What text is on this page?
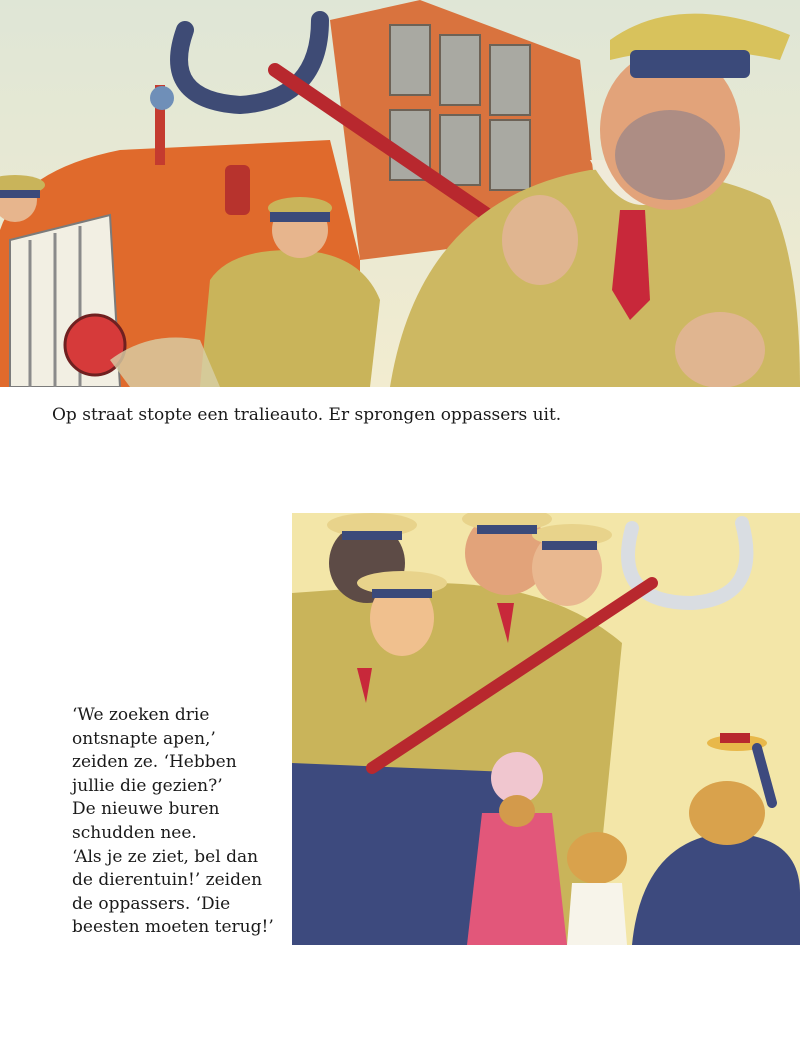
Op straat stopte een tralieauto. Er sprongen oppassers uit.

‘We zoeken drie
ontsnapte apen,’
zeiden ze. ‘Hebben
jullie die gezien?’
De nieuwe buren
schudden nee.
‘Als je ze ziet, bel dan
de dierentuin!’ zeiden
de oppassers. ‘Die
beesten moeten terug!’
